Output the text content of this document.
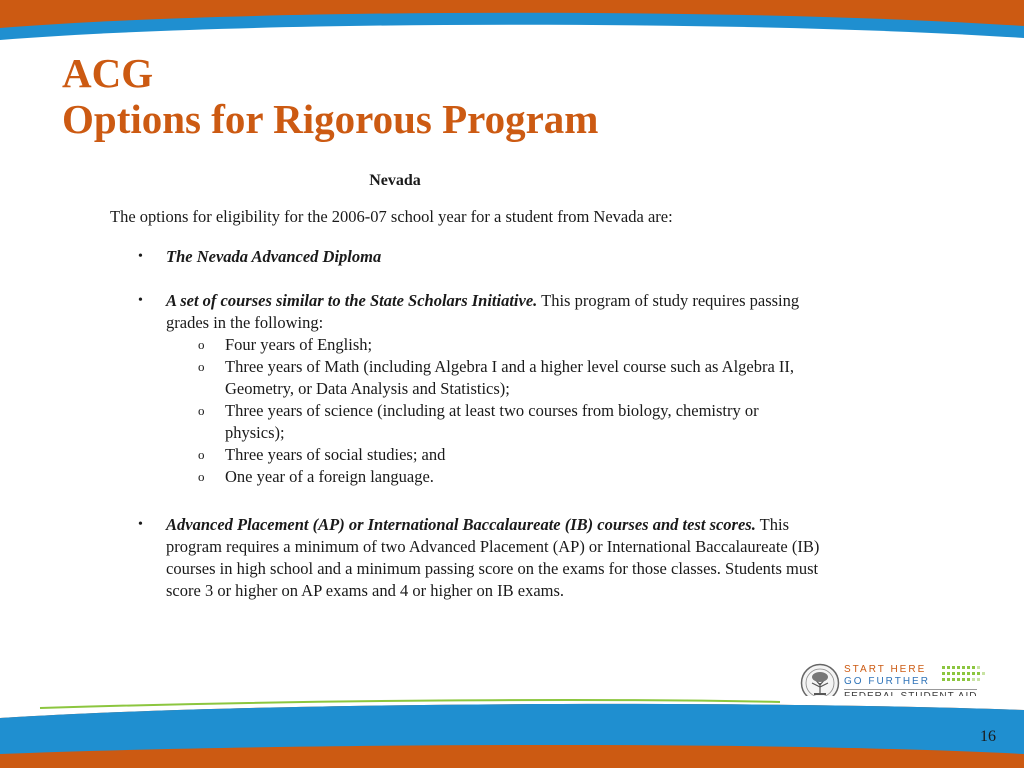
ACG
Options for Rigorous Program
Nevada

The options for eligibility for the 2006-07 school year for a student from Nevada are:

• The Nevada Advanced Diploma
• A set of courses similar to the State Scholars Initiative. This program of study requires passing grades in the following:
o Four years of English;
o Three years of Math (including Algebra I and a higher level course such as Algebra II, Geometry, or Data Analysis and Statistics);
o Three years of science (including at least two courses from biology, chemistry or physics);
o Three years of social studies; and
o One year of a foreign language.
• Advanced Placement (AP) or International Baccalaureate (IB) courses and test scores. This program requires a minimum of two Advanced Placement (AP) or International Baccalaureate (IB) courses in high school and a minimum passing score on the exams for those classes. Students must score 3 or higher on AP exams and 4 or higher on IB exams.
START HERE
GO FURTHER
16
